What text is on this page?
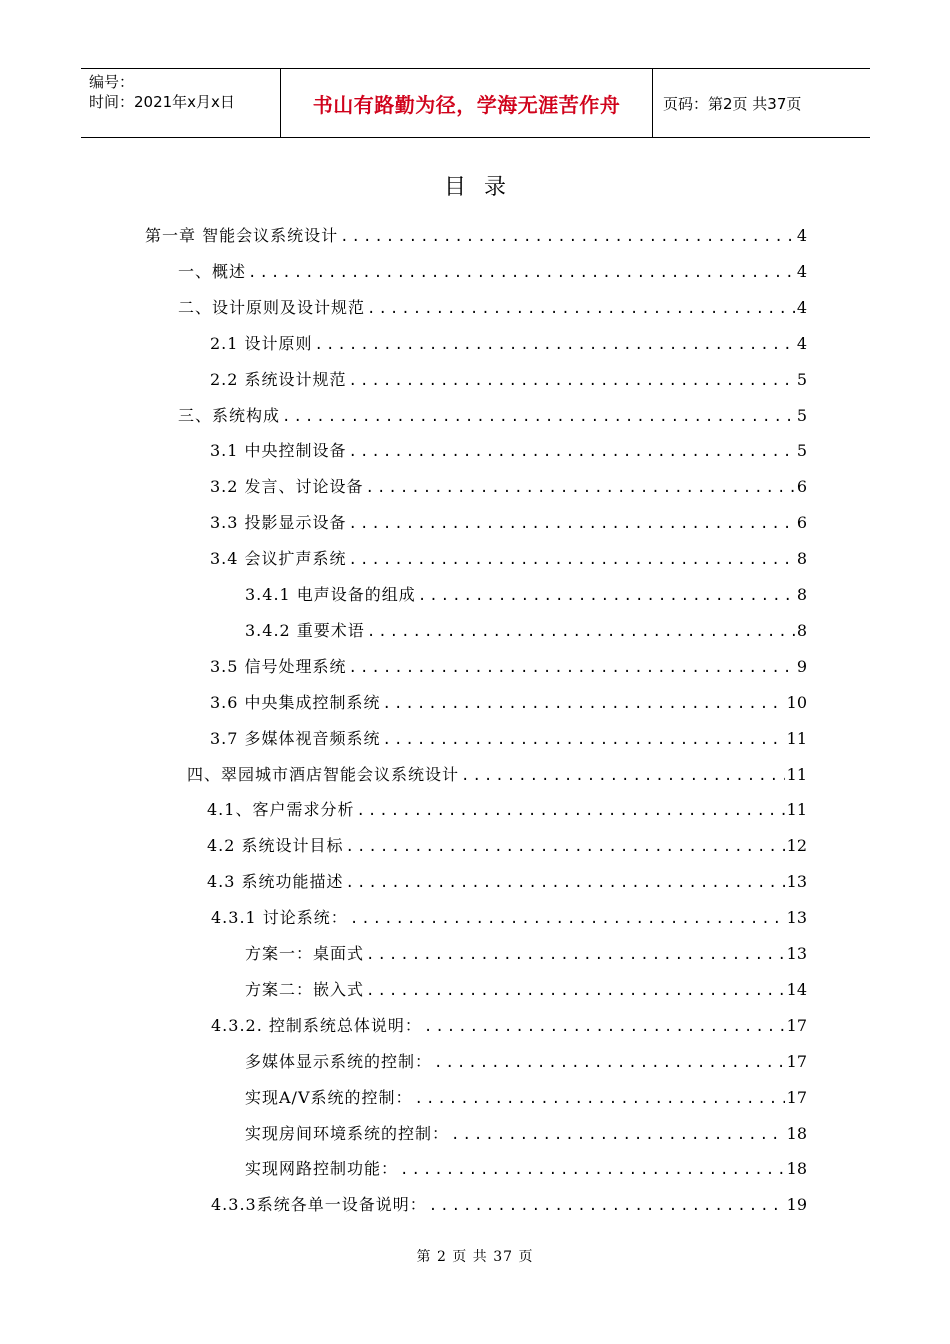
编号：
时间：2021年x月x日	书山有路勤为径，学海无涯苦作舟	页码：第2页 共37页
目录
第一章 智能会议系统设计 .....	4
一、概述 .....	4
二、设计原则及设计规范 .....	4
2.1 设计原则 .....	4
2.2 系统设计规范 .....	5
三、系统构成 .....	5
3.1 中央控制设备 .....	5
3.2 发言、讨论设备 .....	6
3.3 投影显示设备 .....	6
3.4 会议扩声系统 .....	8
3.4.1 电声设备的组成 .....	8
3.4.2 重要术语 .....	8
3.5 信号处理系统 .....	9
3.6 中央集成控制系统 .....	10
3.7 多媒体视音频系统 .....	11
四、翠园城市酒店智能会议系统设计 .....	11
4.1、客户需求分析 .....	11
4.2 系统设计目标 .....	12
4.3 系统功能描述 .....	13
4.3.1 讨论系统： .....	13
方案一：桌面式 .....	13
方案二：嵌入式 .....	14
4.3.2. 控制系统总体说明： .....	17
多媒体显示系统的控制： .....	17
实现A/V系统的控制： .....	17
实现房间环境系统的控制： .....	18
实现网路控制功能： .....	18
4.3.3系统各单一设备说明： .....	19
第 2 页 共 37 页
